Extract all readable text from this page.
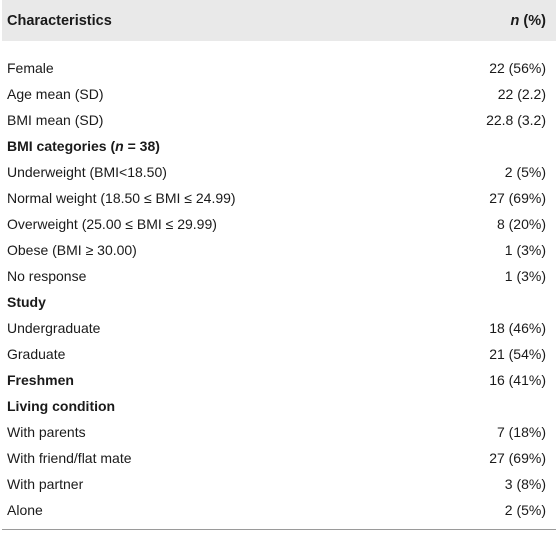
Characteristics	n (%)

Female	22 (56%)
Age mean (SD)	22 (2.2)
BMI mean (SD)	22.8 (3.2)
BMI categories (n = 38)	
Underweight (BMI<18.50)	2 (5%)
Normal weight (18.50 ≤ BMI ≤ 24.99)	27 (69%)
Overweight (25.00 ≤ BMI ≤ 29.99)	8 (20%)
Obese (BMI ≥ 30.00)	1 (3%)
No response	1 (3%)
Study	
Undergraduate	18 (46%)
Graduate	21 (54%)
Freshmen	16 (41%)
Living condition	
With parents	7 (18%)
With friend/flat mate	27 (69%)
With partner	3 (8%)
Alone	2 (5%)
